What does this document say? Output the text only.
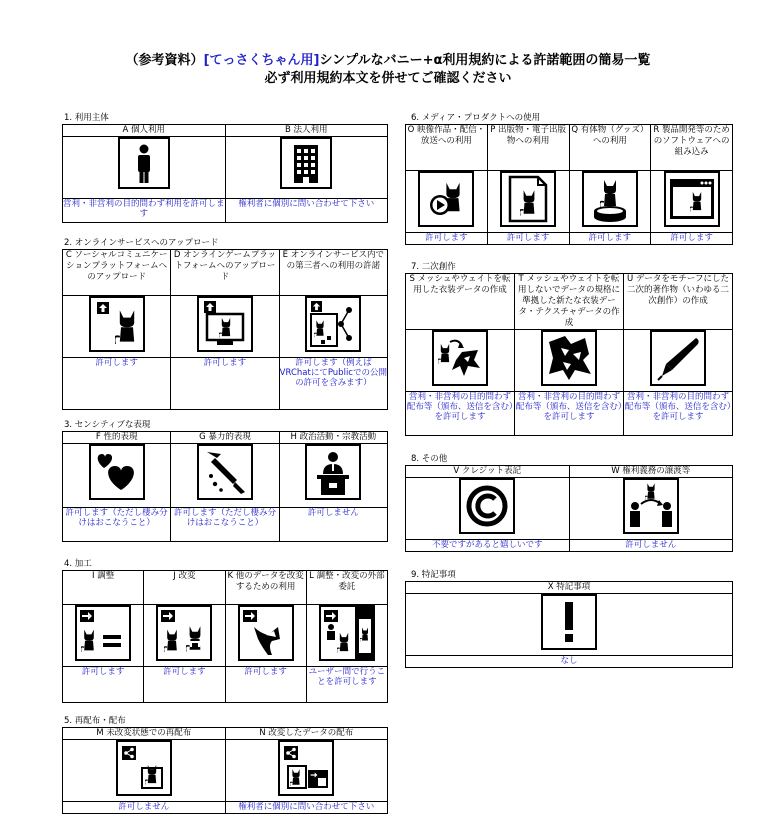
（参考資料）[てっさくちゃん用]シンプルなバニー+α利用規約による許諾範囲の簡易一覧
必ず利用規約本文を併せてご確認ください
1. 利用主体
A 個人利用	B 法人利用

営利・非営利の目的問わず利用を許可します	権利者に個別に問い合わせて下さい
2. オンラインサービスへのアップロード
C ソーシャルコミュニケーションプラットフォームへのアップロード	D オンラインゲームプラットフォームへのアップロード	E オンラインサービス内での第三者への利用の許諾

許可します	許可します	許可します（例えばVRChatにてPublicでの公開の許可を含みます）
3. センシティブな表現
F 性的表現	G 暴力的表現	H 政治活動・宗教活動

許可します（ただし棲み分けはおこなうこと）	許可します（ただし棲み分けはおこなうこと）	許可しません
4. 加工
I 調整	J 改変	K 他のデータを改変するための利用	L 調整・改変の外部委託

許可します	許可します	許可します	ユーザー間で行うことを許可します
5. 再配布・配布
M 未改変状態での再配布	N 改変したデータの配布

許可しません	権利者に個別に問い合わせて下さい
6. メディア・プロダクトへの使用
O 映像作品・配信・放送への利用	P 出版物・電子出版物への利用	Q 有体物（グッズ）への利用	R 製品開発等のためのソフトウェアへの組み込み

許可します	許可します	許可します	許可します
7. 二次創作
S メッシュやウェイトを転用した衣装データの作成	T メッシュやウェイトを転用しないでデータの規格に準拠した新たな衣装データ・テクスチャデータの作成	U データをモチーフにした二次的著作物（いわゆる二次創作）の作成

営利・非営利の目的問わず配布等（頒布、送信を含む）を許可します	営利・非営利の目的問わず配布等（頒布、送信を含む）を許可します	営利・非営利の目的問わず配布等（頒布、送信を含む）を許可します
8. その他
V クレジット表記	W 権利義務の譲渡等

不要ですがあると嬉しいです	許可しません
9. 特記事項
X 特記事項

なし
